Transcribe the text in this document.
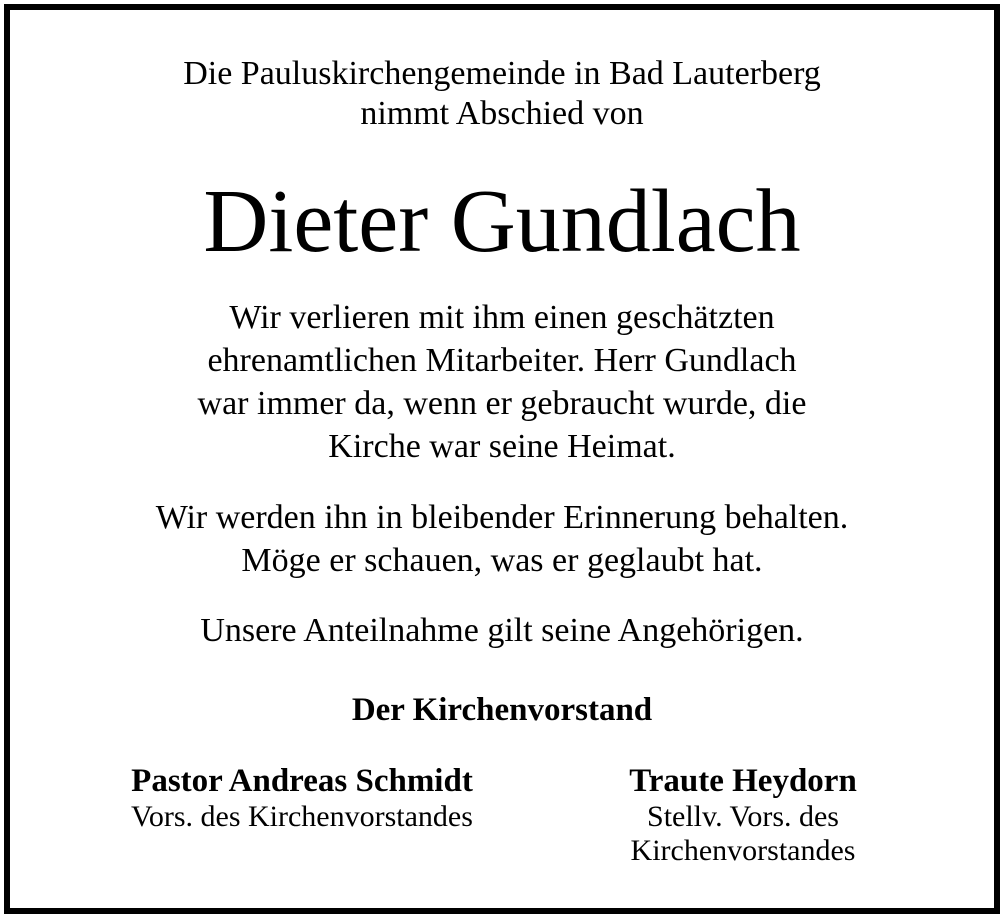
Die Pauluskirchengemeinde in Bad Lauterberg
nimmt Abschied von
Dieter Gundlach
Wir verlieren mit ihm einen geschätzten
ehrenamtlichen Mitarbeiter. Herr Gundlach
war immer da, wenn er gebraucht wurde, die
Kirche war seine Heimat.
Wir werden ihn in bleibender Erinnerung behalten.
Möge er schauen, was er geglaubt hat.
Unsere Anteilnahme gilt seine Angehörigen.
Der Kirchenvorstand
Pastor Andreas Schmidt
Vors. des Kirchenvorstandes
Traute Heydorn
Stellv. Vors. des
Kirchenvorstandes
